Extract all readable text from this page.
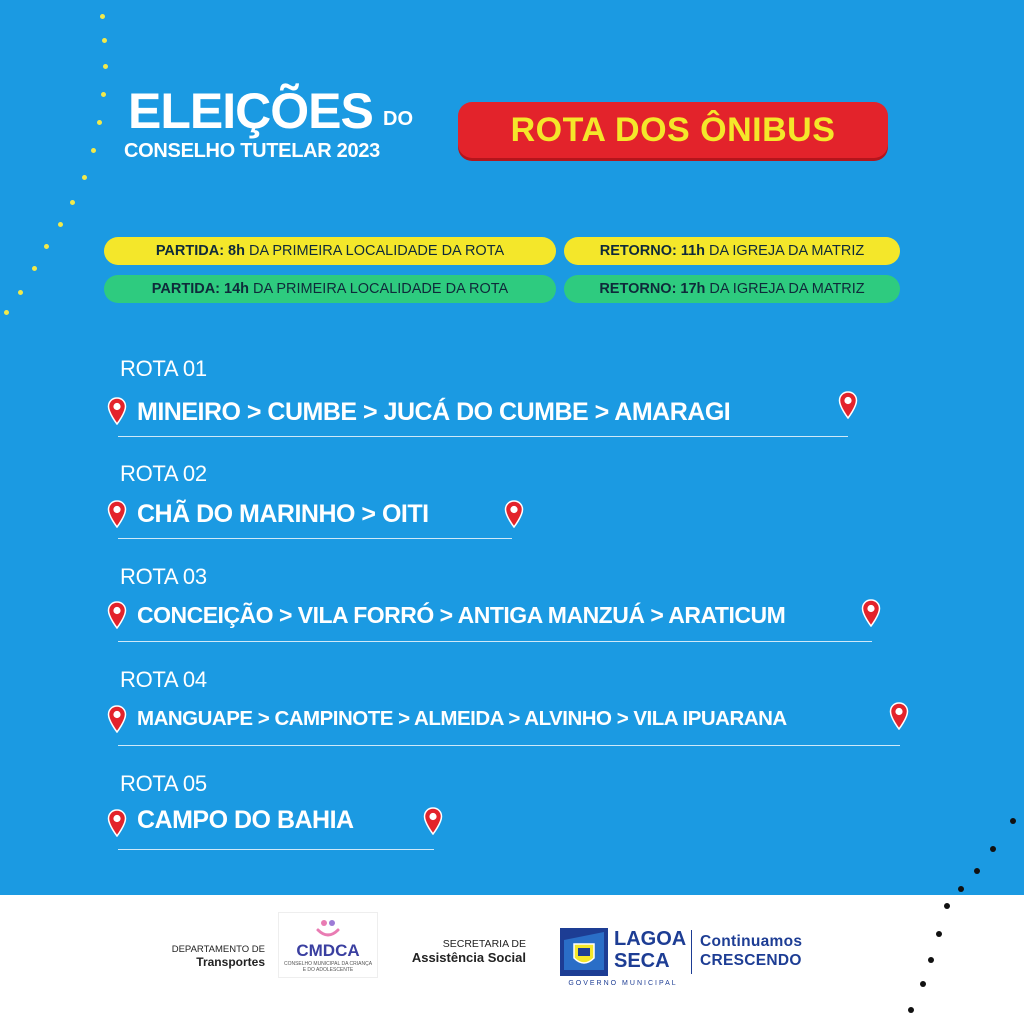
ELEIÇÕES DO
CONSELHO TUTELAR 2023
ROTA DOS ÔNIBUS
PARTIDA: 8h DA PRIMEIRA LOCALIDADE DA ROTA	RETORNO: 11h DA IGREJA DA MATRIZ
PARTIDA: 14h DA PRIMEIRA LOCALIDADE DA ROTA	RETORNO: 17h DA IGREJA DA MATRIZ
ROTA 01
MINEIRO > CUMBE > JUCÁ DO CUMBE > AMARAGI
ROTA 02
CHÃ DO MARINHO > OITI
ROTA 03
CONCEIÇÃO > VILA FORRÓ > ANTIGA MANZUÁ > ARATICUM
ROTA 04
MANGUAPE > CAMPINOTE > ALMEIDA > ALVINHO > VILA IPUARANA
ROTA 05
CAMPO DO BAHIA
DEPARTAMENTO DE
Transportes
CMDCA
CONSELHO MUNICIPAL DA CRIANÇA E DO ADOLESCENTE
SECRETARIA DE
Assistência Social
LAGOA
SECA
GOVERNO MUNICIPAL
Continuamos
CRESCENDO
